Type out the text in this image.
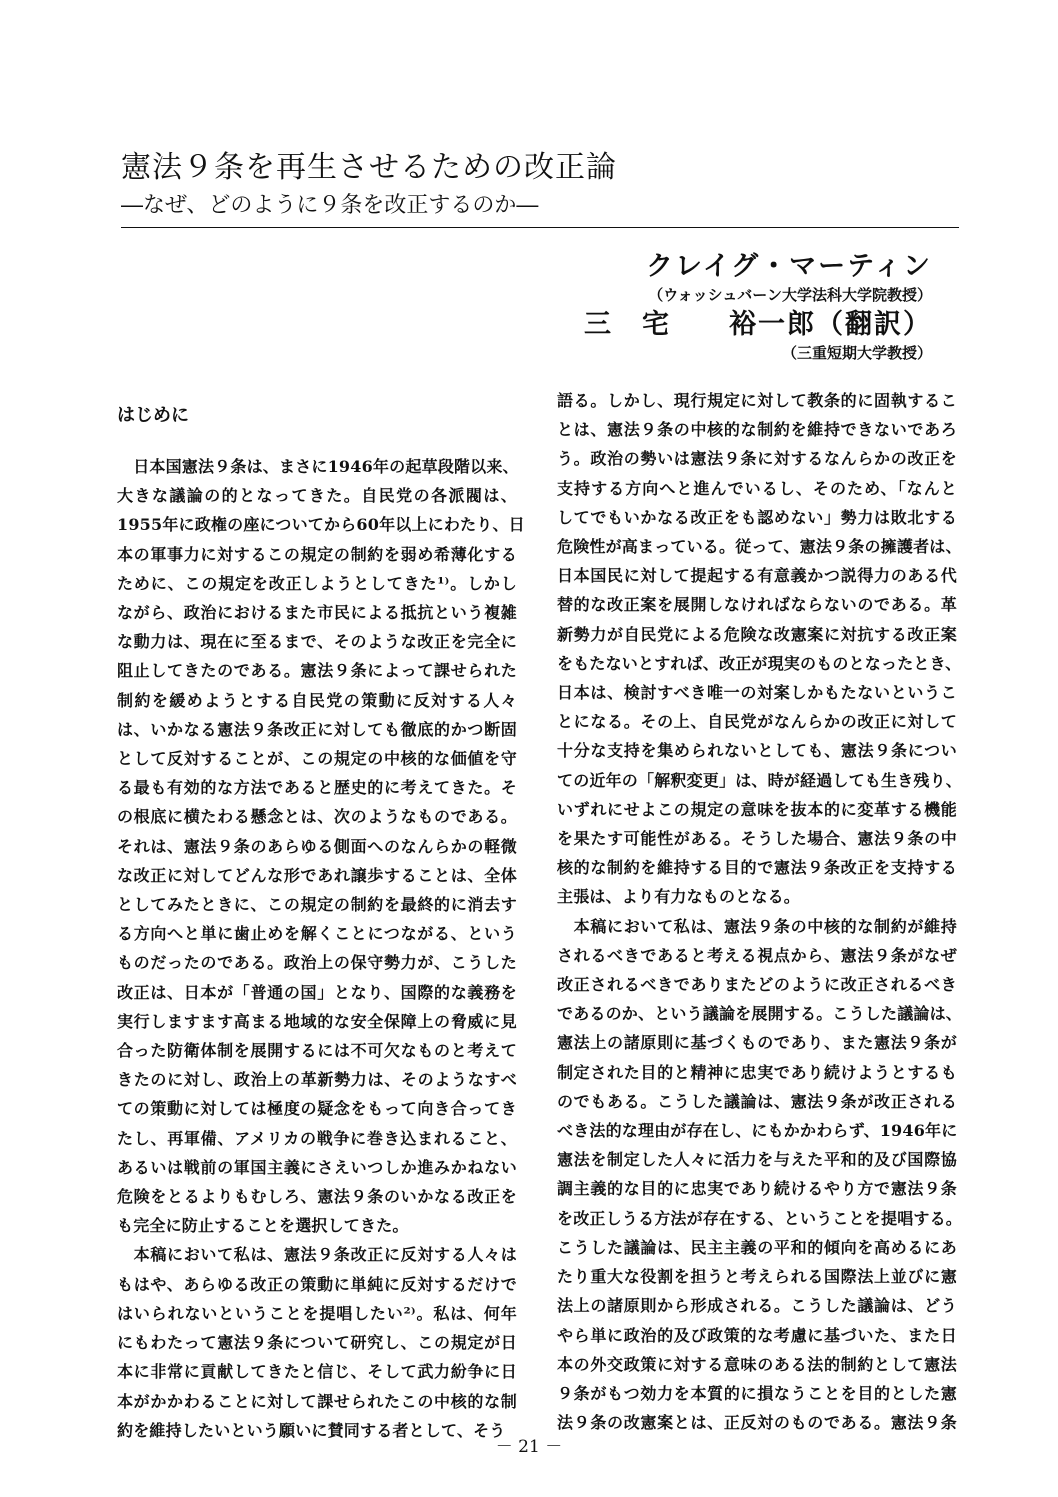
憲法９条を再生させるための改正論
―なぜ、どのように９条を改正するのか―
クレイグ・マーティン
（ウォッシュバーン大学法科大学院教授）
三　宅　　裕一郎（翻訳）
（三重短期大学教授）
はじめに
　日本国憲法９条は、まさに1946年の起草段階以来、
大きな議論の的となってきた。自民党の各派閥は、
1955年に政権の座についてから60年以上にわたり、日
本の軍事力に対するこの規定の制約を弱め希薄化する
ために、この規定を改正しようとしてきた¹⁾。しかし
ながら、政治におけるまた市民による抵抗という複雑
な動力は、現在に至るまで、そのような改正を完全に
阻止してきたのである。憲法９条によって課せられた
制約を緩めようとする自民党の策動に反対する人々
は、いかなる憲法９条改正に対しても徹底的かつ断固
として反対することが、この規定の中核的な価値を守
る最も有効的な方法であると歴史的に考えてきた。そ
の根底に横たわる懸念とは、次のようなものである。
それは、憲法９条のあらゆる側面へのなんらかの軽微
な改正に対してどんな形であれ譲歩することは、全体
としてみたときに、この規定の制約を最終的に消去す
る方向へと単に歯止めを解くことにつながる、という
ものだったのである。政治上の保守勢力が、こうした
改正は、日本が「普通の国」となり、国際的な義務を
実行しますます高まる地域的な安全保障上の脅威に見
合った防衛体制を展開するには不可欠なものと考えて
きたのに対し、政治上の革新勢力は、そのようなすべ
ての策動に対しては極度の疑念をもって向き合ってき
たし、再軍備、アメリカの戦争に巻き込まれること、
あるいは戦前の軍国主義にさえいつしか進みかねない
危険をとるよりもむしろ、憲法９条のいかなる改正を
も完全に防止することを選択してきた。
　本稿において私は、憲法９条改正に反対する人々は
もはや、あらゆる改正の策動に単純に反対するだけで
はいられないということを提唱したい²⁾。私は、何年
にもわたって憲法９条について研究し、この規定が日
本に非常に貢献してきたと信じ、そして武力紛争に日
本がかかわることに対して課せられたこの中核的な制
約を維持したいという願いに賛同する者として、そう
語る。しかし、現行規定に対して教条的に固執するこ
とは、憲法９条の中核的な制約を維持できないであろ
う。政治の勢いは憲法９条に対するなんらかの改正を
支持する方向へと進んでいるし、そのため、「なんと
してでもいかなる改正をも認めない」勢力は敗北する
危険性が高まっている。従って、憲法９条の擁護者は、
日本国民に対して提起する有意義かつ説得力のある代
替的な改正案を展開しなければならないのである。革
新勢力が自民党による危険な改憲案に対抗する改正案
をもたないとすれば、改正が現実のものとなったとき、
日本は、検討すべき唯一の対案しかもたないというこ
とになる。その上、自民党がなんらかの改正に対して
十分な支持を集められないとしても、憲法９条につい
ての近年の「解釈変更」は、時が経過しても生き残り、
いずれにせよこの規定の意味を抜本的に変革する機能
を果たす可能性がある。そうした場合、憲法９条の中
核的な制約を維持する目的で憲法９条改正を支持する
主張は、より有力なものとなる。
　本稿において私は、憲法９条の中核的な制約が維持
されるべきであると考える視点から、憲法９条がなぜ
改正されるべきでありまたどのように改正されるべき
であるのか、という議論を展開する。こうした議論は、
憲法上の諸原則に基づくものであり、また憲法９条が
制定された目的と精神に忠実であり続けようとするも
のでもある。こうした議論は、憲法９条が改正される
べき法的な理由が存在し、にもかかわらず、1946年に
憲法を制定した人々に活力を与えた平和的及び国際協
調主義的な目的に忠実であり続けるやり方で憲法９条
を改正しうる方法が存在する、ということを提唱する。
こうした議論は、民主主義の平和的傾向を高めるにあ
たり重大な役割を担うと考えられる国際法上並びに憲
法上の諸原則から形成される。こうした議論は、どう
やら単に政治的及び政策的な考慮に基づいた、また日
本の外交政策に対する意味のある法的制約として憲法
９条がもつ効力を本質的に損なうことを目的とした憲
法９条の改憲案とは、正反対のものである。憲法９条
－ 21 －
